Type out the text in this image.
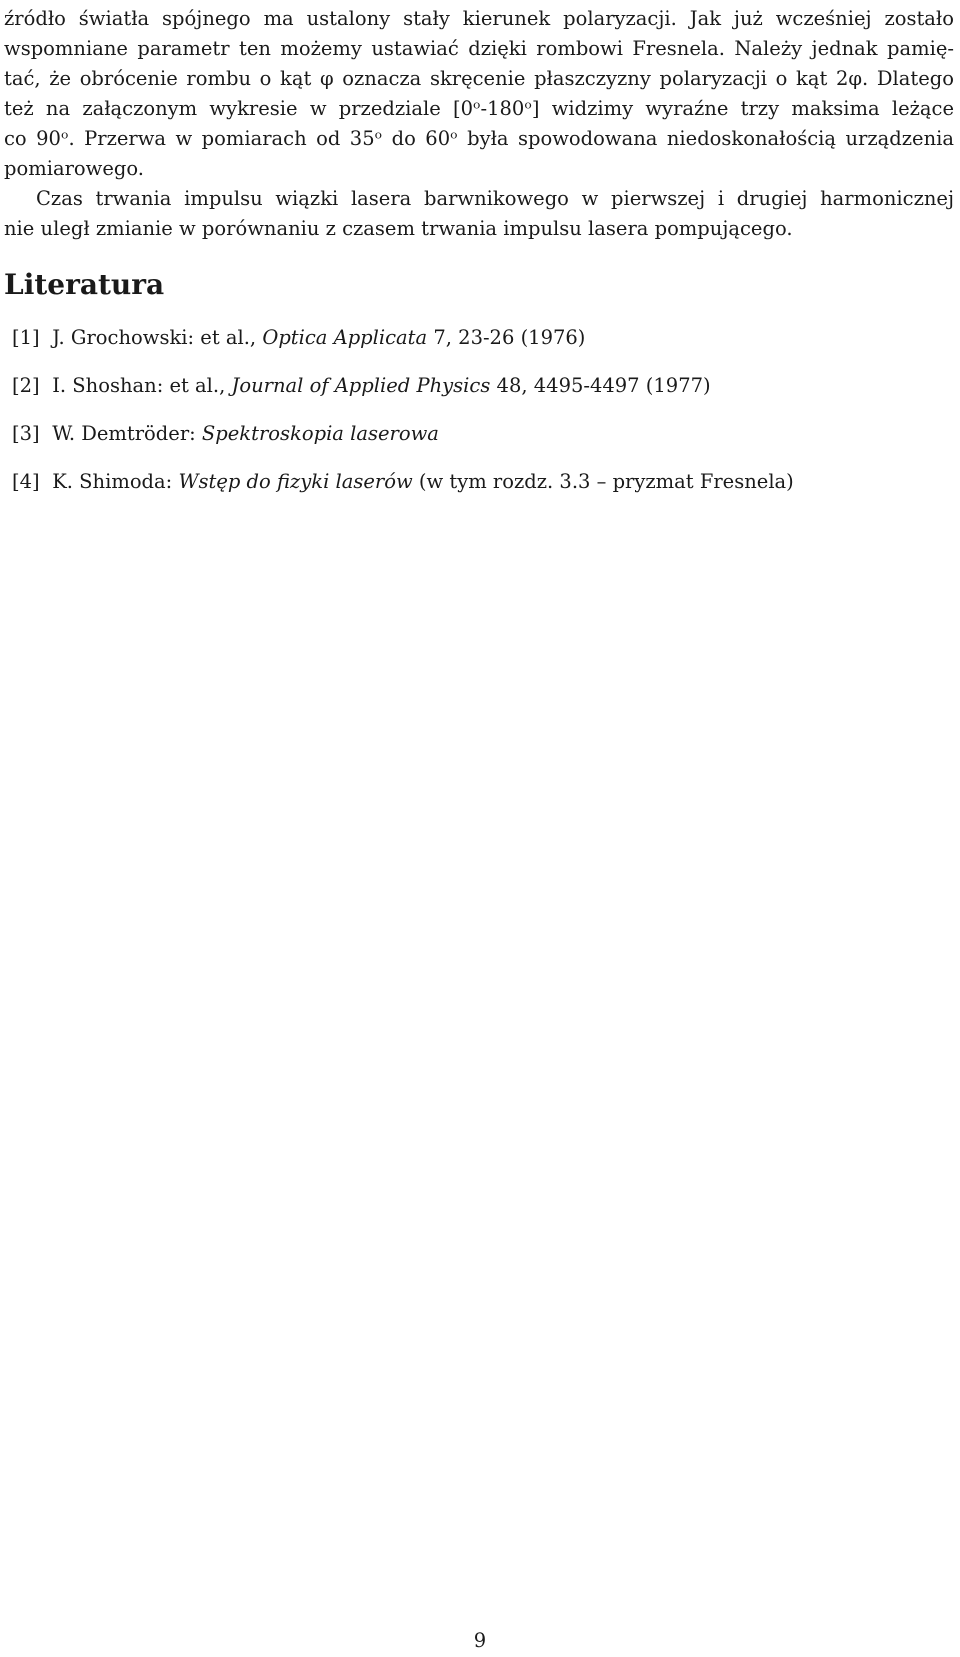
źródło światła spójnego ma ustalony stały kierunek polaryzacji. Jak już wcześniej zostało
wspomniane parametr ten możemy ustawiać dzięki rombowi Fresnela. Należy jednak pamię-
tać, że obrócenie rombu o kąt φ oznacza skręcenie płaszczyzny polaryzacji o kąt 2φ. Dlatego
też na załączonym wykresie w przedziale [0ᵒ-180ᵒ] widzimy wyraźne trzy maksima leżące
co 90ᵒ. Przerwa w pomiarach od 35ᵒ do 60ᵒ była spowodowana niedoskonałością urządzenia
pomiarowego.
Czas trwania impulsu wiązki lasera barwnikowego w pierwszej i drugiej harmonicznej
nie uległ zmianie w porównaniu z czasem trwania impulsu lasera pompującego.
Literatura
[1] J. Grochowski: et al., Optica Applicata 7, 23-26 (1976)
[2] I. Shoshan: et al., Journal of Applied Physics 48, 4495-4497 (1977)
[3] W. Demtröder: Spektroskopia laserowa
[4] K. Shimoda: Wstęp do fizyki laserów (w tym rozdz. 3.3 – pryzmat Fresnela)
9
